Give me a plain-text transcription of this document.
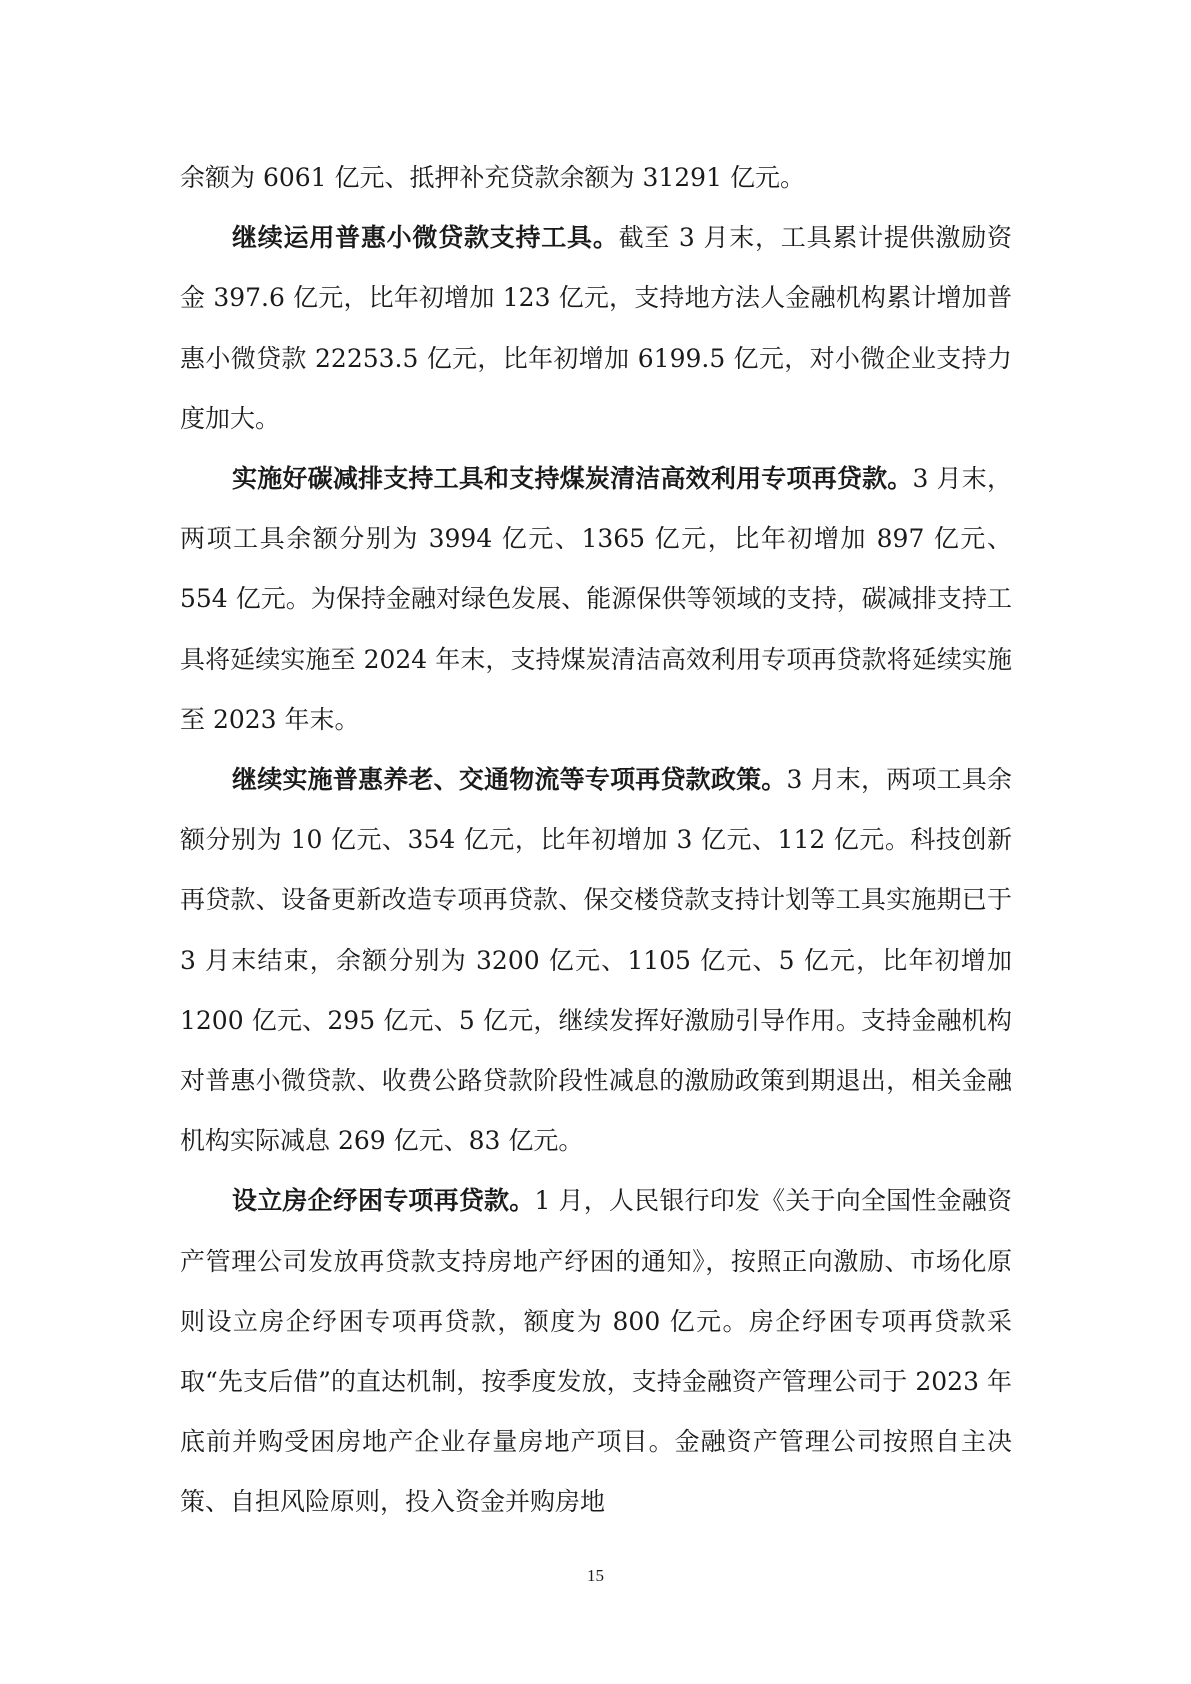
余额为 6061 亿元、抵押补充贷款余额为 31291 亿元。

继续运用普惠小微贷款支持工具。截至 3 月末，工具累计提供激励资金 397.6 亿元，比年初增加 123 亿元，支持地方法人金融机构累计增加普惠小微贷款 22253.5 亿元，比年初增加 6199.5 亿元，对小微企业支持力度加大。

实施好碳减排支持工具和支持煤炭清洁高效利用专项再贷款。3 月末，两项工具余额分别为 3994 亿元、1365 亿元，比年初增加 897 亿元、554 亿元。为保持金融对绿色发展、能源保供等领域的支持，碳减排支持工具将延续实施至 2024 年末，支持煤炭清洁高效利用专项再贷款将延续实施至 2023 年末。

继续实施普惠养老、交通物流等专项再贷款政策。3 月末，两项工具余额分别为 10 亿元、354 亿元，比年初增加 3 亿元、112 亿元。科技创新再贷款、设备更新改造专项再贷款、保交楼贷款支持计划等工具实施期已于 3 月末结束，余额分别为 3200 亿元、1105 亿元、5 亿元，比年初增加 1200 亿元、295 亿元、5 亿元，继续发挥好激励引导作用。支持金融机构对普惠小微贷款、收费公路贷款阶段性减息的激励政策到期退出，相关金融机构实际减息 269 亿元、83 亿元。

设立房企纾困专项再贷款。1 月，人民银行印发《关于向全国性金融资产管理公司发放再贷款支持房地产纾困的通知》，按照正向激励、市场化原则设立房企纾困专项再贷款，额度为 800 亿元。房企纾困专项再贷款采取“先支后借”的直达机制，按季度发放，支持金融资产管理公司于 2023 年底前并购受困房地产企业存量房地产项目。金融资产管理公司按照自主决策、自担风险原则，投入资金并购房地

15
